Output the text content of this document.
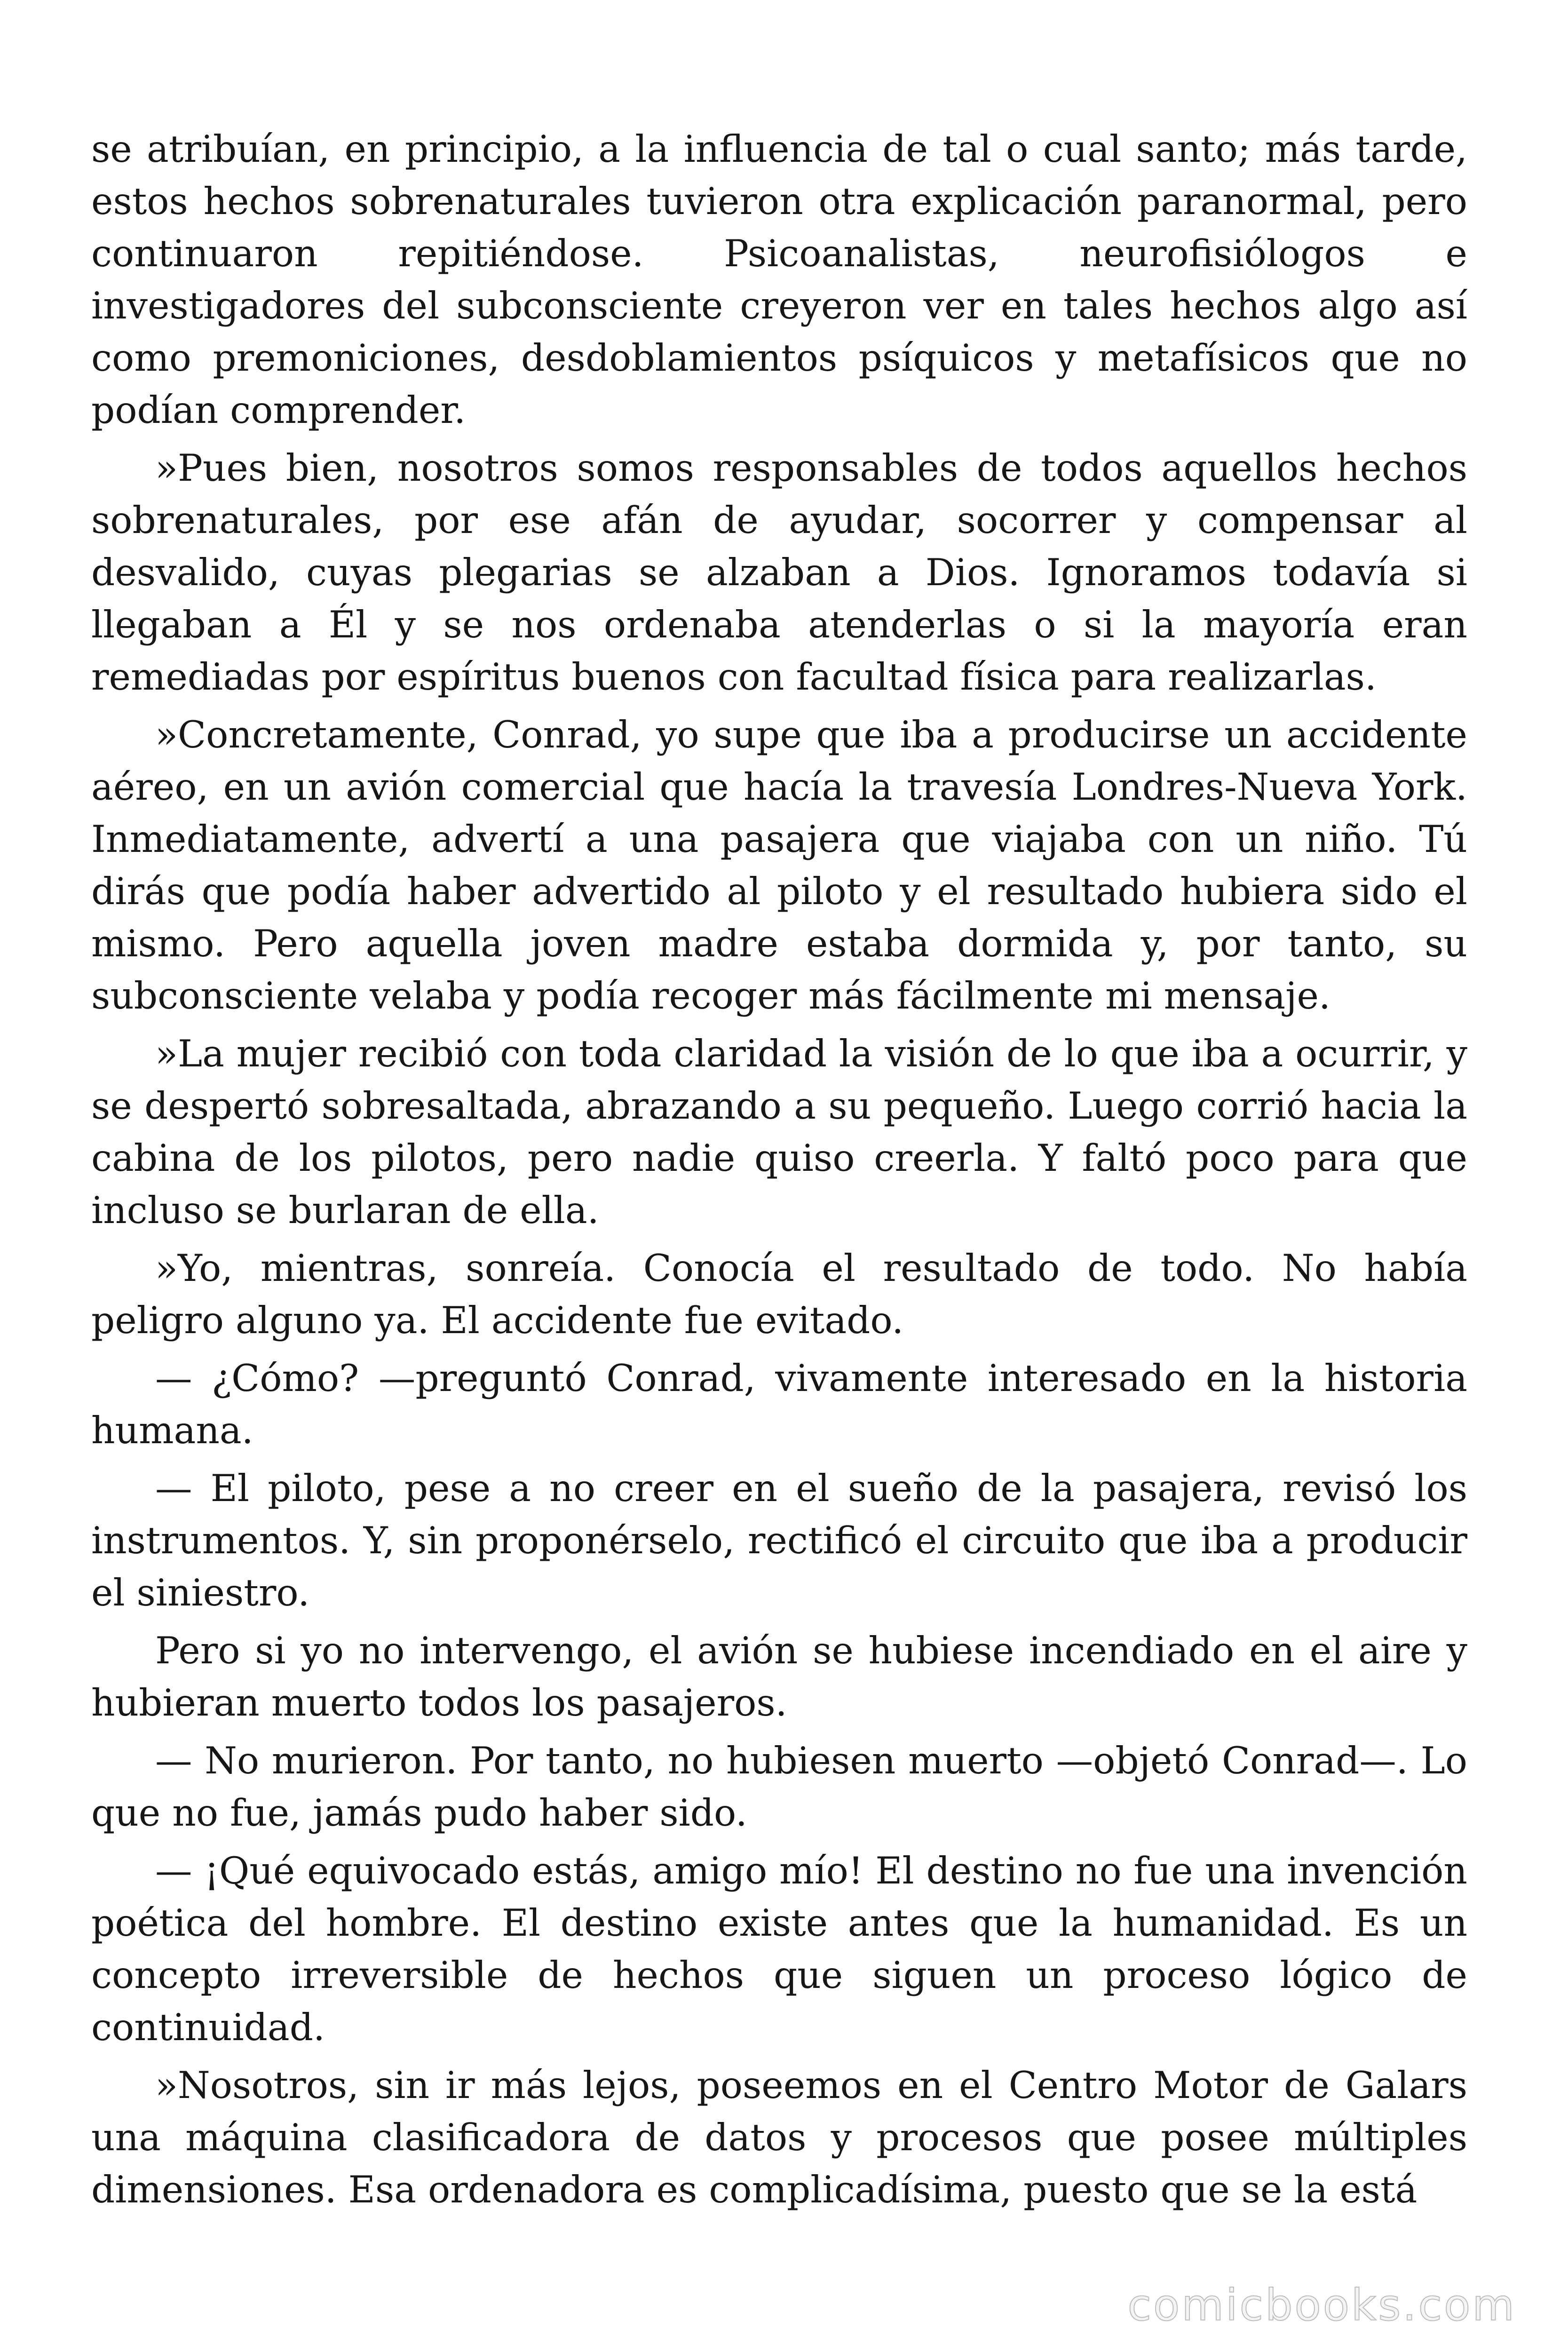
se atribuían, en principio, a la influencia de tal o cual santo; más tarde, estos hechos sobrenaturales tuvieron otra explicación paranormal, pero continuaron repitiéndose. Psicoanalistas, neurofisiólogos e investigadores del subconsciente creyeron ver en tales hechos algo así como premoniciones, desdoblamientos psíquicos y metafísicos que no podían comprender.

»Pues bien, nosotros somos responsables de todos aquellos hechos sobrenaturales, por ese afán de ayudar, socorrer y compensar al desvalido, cuyas plegarias se alzaban a Dios. Ignoramos todavía si llegaban a Él y se nos ordenaba atenderlas o si la mayoría eran remediadas por espíritus buenos con facultad física para realizarlas.

»Concretamente, Conrad, yo supe que iba a producirse un accidente aéreo, en un avión comercial que hacía la travesía Londres-Nueva York. Inmediatamente, advertí a una pasajera que viajaba con un niño. Tú dirás que podía haber advertido al piloto y el resultado hubiera sido el mismo. Pero aquella joven madre estaba dormida y, por tanto, su subconsciente velaba y podía recoger más fácilmente mi mensaje.

»La mujer recibió con toda claridad la visión de lo que iba a ocurrir, y se despertó sobresaltada, abrazando a su pequeño. Luego corrió hacia la cabina de los pilotos, pero nadie quiso creerla. Y faltó poco para que incluso se burlaran de ella.

»Yo, mientras, sonreía. Conocía el resultado de todo. No había peligro alguno ya. El accidente fue evitado.

— ¿Cómo? —preguntó Conrad, vivamente interesado en la historia humana.

— El piloto, pese a no creer en el sueño de la pasajera, revisó los instrumentos. Y, sin proponérselo, rectificó el circuito que iba a producir el siniestro.

Pero si yo no intervengo, el avión se hubiese incendiado en el aire y hubieran muerto todos los pasajeros.

— No murieron. Por tanto, no hubiesen muerto —objetó Conrad—. Lo que no fue, jamás pudo haber sido.

— ¡Qué equivocado estás, amigo mío! El destino no fue una invención poética del hombre. El destino existe antes que la humanidad. Es un concepto irreversible de hechos que siguen un proceso lógico de continuidad.

»Nosotros, sin ir más lejos, poseemos en el Centro Motor de Galars una máquina clasificadora de datos y procesos que posee múltiples dimensiones. Esa ordenadora es complicadísima, puesto que se la está

comicbooks.com
